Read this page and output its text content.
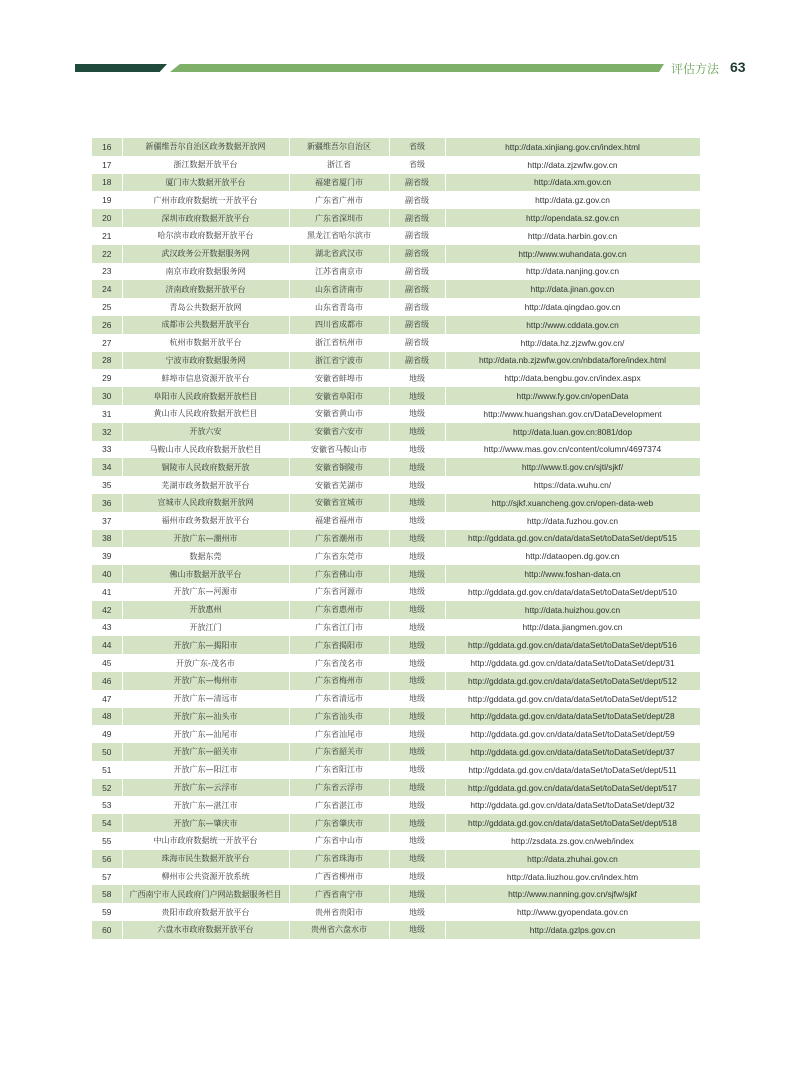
评估方法 63
16	新疆维吾尔自治区政务数据开放网	新疆维吾尔自治区	省级	http://data.xinjiang.gov.cn/index.html
17	浙江数据开放平台	浙江省	省级	http://data.zjzwfw.gov.cn
18	厦门市大数据开放平台	福建省厦门市	副省级	http://data.xm.gov.cn
19	广州市政府数据统一开放平台	广东省广州市	副省级	http://data.gz.gov.cn
20	深圳市政府数据开放平台	广东省深圳市	副省级	http://opendata.sz.gov.cn
21	哈尔滨市政府数据开放平台	黑龙江省哈尔滨市	副省级	http://data.harbin.gov.cn
22	武汉政务公开数据服务网	湖北省武汉市	副省级	http://www.wuhandata.gov.cn
23	南京市政府数据服务网	江苏省南京市	副省级	http://data.nanjing.gov.cn
24	济南政府数据开放平台	山东省济南市	副省级	http://data.jinan.gov.cn
25	青岛公共数据开放网	山东省青岛市	副省级	http://data.qingdao.gov.cn
26	成都市公共数据开放平台	四川省成都市	副省级	http://www.cddata.gov.cn
27	杭州市数据开放平台	浙江省杭州市	副省级	http://data.hz.zjzwfw.gov.cn/
28	宁波市政府数据服务网	浙江省宁波市	副省级	http://data.nb.zjzwfw.gov.cn/nbdata/fore/index.html
29	蚌埠市信息资源开放平台	安徽省蚌埠市	地级	http://data.bengbu.gov.cn/index.aspx
30	阜阳市人民政府数据开放栏目	安徽省阜阳市	地级	http://www.fy.gov.cn/openData
31	黄山市人民政府数据开放栏目	安徽省黄山市	地级	http://www.huangshan.gov.cn/DataDevelopment
32	开放六安	安徽省六安市	地级	http://data.luan.gov.cn:8081/dop
33	马鞍山市人民政府数据开放栏目	安徽省马鞍山市	地级	http://www.mas.gov.cn/content/column/4697374
34	铜陵市人民政府数据开放	安徽省铜陵市	地级	http://www.tl.gov.cn/sjtl/sjkf/
35	芜湖市政务数据开放平台	安徽省芜湖市	地级	https://data.wuhu.cn/
36	宣城市人民政府数据开放网	安徽省宣城市	地级	http://sjkf.xuancheng.gov.cn/open-data-web
37	福州市政务数据开放平台	福建省福州市	地级	http://data.fuzhou.gov.cn
38	开放广东—潮州市	广东省潮州市	地级	http://gddata.gd.gov.cn/data/dataSet/toDataSet/dept/515
39	数据东莞	广东省东莞市	地级	http://dataopen.dg.gov.cn
40	佛山市数据开放平台	广东省佛山市	地级	http://www.foshan-data.cn
41	开放广东—河源市	广东省河源市	地级	http://gddata.gd.gov.cn/data/dataSet/toDataSet/dept/510
42	开放惠州	广东省惠州市	地级	http://data.huizhou.gov.cn
43	开放江门	广东省江门市	地级	http://data.jiangmen.gov.cn
44	开放广东—揭阳市	广东省揭阳市	地级	http://gddata.gd.gov.cn/data/dataSet/toDataSet/dept/516
45	开放广东-茂名市	广东省茂名市	地级	http://gddata.gd.gov.cn/data/dataSet/toDataSet/dept/31
46	开放广东—梅州市	广东省梅州市	地级	http://gddata.gd.gov.cn/data/dataSet/toDataSet/dept/512
47	开放广东—清远市	广东省清远市	地级	http://gddata.gd.gov.cn/data/dataSet/toDataSet/dept/512
48	开放广东—汕头市	广东省汕头市	地级	http://gddata.gd.gov.cn/data/dataSet/toDataSet/dept/28
49	开放广东—汕尾市	广东省汕尾市	地级	http://gddata.gd.gov.cn/data/dataSet/toDataSet/dept/59
50	开放广东—韶关市	广东省韶关市	地级	http://gddata.gd.gov.cn/data/dataSet/toDataSet/dept/37
51	开放广东—阳江市	广东省阳江市	地级	http://gddata.gd.gov.cn/data/dataSet/toDataSet/dept/511
52	开放广东—云浮市	广东省云浮市	地级	http://gddata.gd.gov.cn/data/dataSet/toDataSet/dept/517
53	开放广东—湛江市	广东省湛江市	地级	http://gddata.gd.gov.cn/data/dataSet/toDataSet/dept/32
54	开放广东—肇庆市	广东省肇庆市	地级	http://gddata.gd.gov.cn/data/dataSet/toDataSet/dept/518
55	中山市政府数据统一开放平台	广东省中山市	地级	http://zsdata.zs.gov.cn/web/index
56	珠海市民生数据开放平台	广东省珠海市	地级	http://data.zhuhai.gov.cn
57	柳州市公共资源开放系统	广西省柳州市	地级	http://data.liuzhou.gov.cn/index.htm
58	广西南宁市人民政府门户网站数据服务栏目	广西省南宁市	地级	http://www.nanning.gov.cn/sjfw/sjkf
59	贵阳市政府数据开放平台	贵州省贵阳市	地级	http://www.gyopendata.gov.cn
60	六盘水市政府数据开放平台	贵州省六盘水市	地级	http://data.gzlps.gov.cn
